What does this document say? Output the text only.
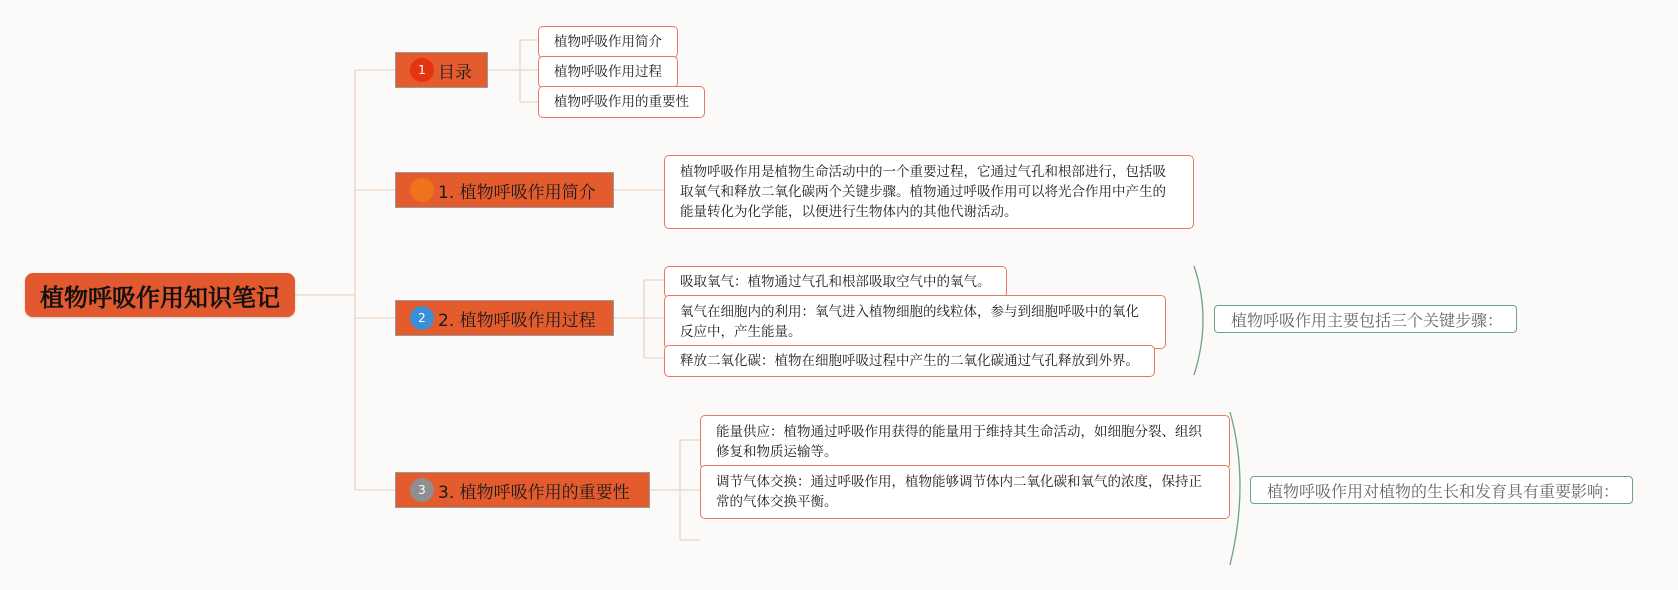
植物呼吸作用知识笔记
1 目录
1. 植物呼吸作用简介
2 2. 植物呼吸作用过程
3 3. 植物呼吸作用的重要性
植物呼吸作用简介
植物呼吸作用过程
植物呼吸作用的重要性
植物呼吸作用是植物生命活动中的一个重要过程，它通过气孔和根部进行，包括吸取氧气和释放二氧化碳两个关键步骤。植物通过呼吸作用可以将光合作用中产生的能量转化为化学能，以便进行生物体内的其他代谢活动。
吸取氧气：植物通过气孔和根部吸取空气中的氧气。
氧气在细胞内的利用：氧气进入植物细胞的线粒体，参与到细胞呼吸中的氧化反应中，产生能量。
释放二氧化碳：植物在细胞呼吸过程中产生的二氧化碳通过气孔释放到外界。
植物呼吸作用主要包括三个关键步骤：
能量供应：植物通过呼吸作用获得的能量用于维持其生命活动，如细胞分裂、组织修复和物质运输等。
调节气体交换：通过呼吸作用，植物能够调节体内二氧化碳和氧气的浓度，保持正常的气体交换平衡。
植物呼吸作用对植物的生长和发育具有重要影响：
